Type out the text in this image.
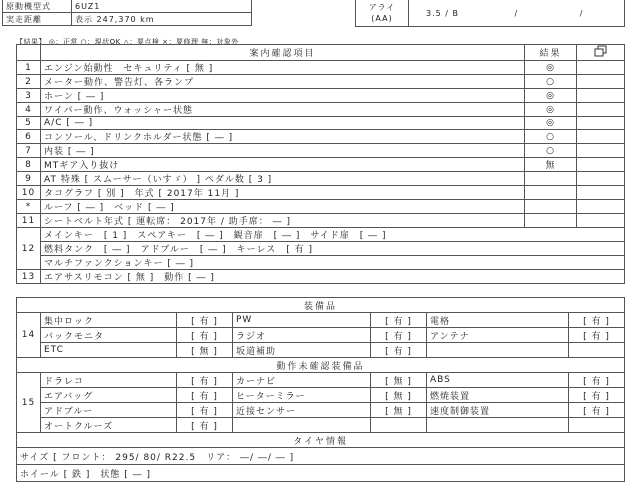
原動機型式	6UZ1
実走距離	表示 247,370 km
アライ
(AA)
	3.5 / B	/	/
【結果】 ◎：正常 ○：現状OK △：要点検 ×：要修理 無：対象外
	案内確認項目	結果	
1	エンジン始動性　セキュリティ [ 無 ]	◎	
2	メーター動作、警告灯、各ランプ	○	
3	ホーン [ ― ]	◎	
4	ワイパー動作、ウォッシャー状態	◎	
5	A/C [ ― ]	◎	
6	コンソール、ドリンクホルダー状態 [ ― ]	○	
7	内装 [ ― ]	○	
8	MTギア入り抜け	無	
9	AT 特殊 [ スムーサー（いすゞ） ] ペダル数 [ 3 ]		
10	タコグラフ [ 別 ]　年式 [ 2017年 11月 ]		
*	ルーフ [ ― ]　ベッド [ ― ]		
11	シートベルト年式 [ 運転席： 2017年 / 助手席： ― ]		
12	メインキー　[ 1 ]　スペアキー　[ ― ]　観音扉　[ ― ]　サイド扉　[ ― ]		
	燃料タンク　[ ― ]　アドブルー　[ ― ]　キーレス　[ 有 ]		
	マルチファンクションキー [ ― ]		
13	エアサスリモコン [ 無 ]　動作 [ ― ]		
装備品						
14	集中ロック	[ 有 ]	PW	[ 有 ]	電格	[ 有 ]
	バックモニタ	[ 有 ]	ラジオ	[ 有 ]	アンテナ	[ 有 ]
	ETC	[ 無 ]	坂道補助	[ 有 ]		
動作未確認装備品						
15	ドラレコ	[ 有 ]	カーナビ	[ 無 ]	ABS	[ 有 ]
	エアバッグ	[ 有 ]	ヒーターミラー	[ 無 ]	燃焼装置	[ 有 ]
	アドブルー	[ 有 ]	近接センサー	[ 無 ]	速度制御装置	[ 有 ]
	オートクルーズ	[ 有 ]				
タイヤ情報						
サイズ [ フロント： 295/ 80/ R22.5　リア： ―/ ―/ ― ]						
ホイール [ 鉄 ]　状態 [ ― ]						
